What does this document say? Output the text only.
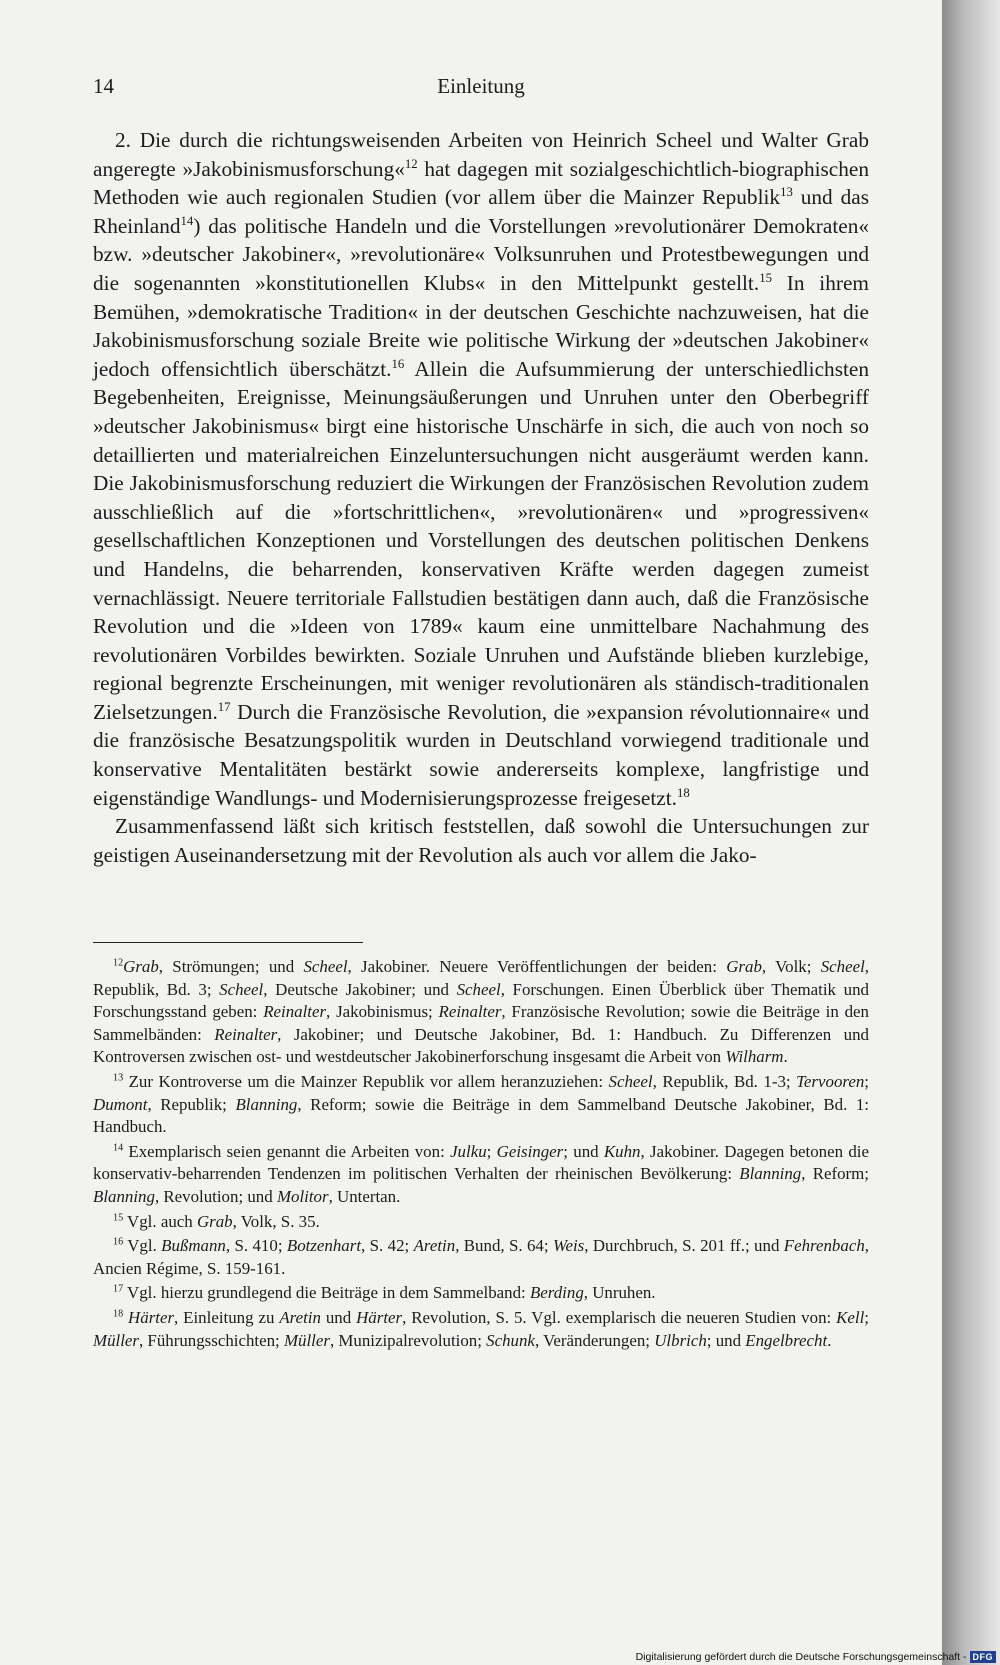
Einleitung
14

2. Die durch die richtungsweisenden Arbeiten von Heinrich Scheel und Walter Grab angeregte »Jakobinismusforschung«$^{12}$ hat dagegen mit sozialgeschichtlich-biographischen Methoden wie auch regionalen Studien (vor allem über die Mainzer Republik$^{13}$ und das Rheinland$^{14}$) das politische Handeln und die Vorstellungen »revolutionärer Demokraten« bzw. »deutscher Jakobiner«, »revolutionäre« Volksunruhen und Protestbewegungen und die sogenannten »konstitutionellen Klubs« in den Mittelpunkt gestellt.$^{15}$ In ihrem Bemühen, »demokratische Tradition« in der deutschen Geschichte nachzuweisen, hat die Jakobinismusforschung soziale Breite wie politische Wirkung der »deutschen Jakobiner« jedoch offensichtlich überschätzt.$^{16}$ Allein die Aufsummierung der unterschiedlichsten Begebenheiten, Ereignisse, Meinungsäußerungen und Unruhen unter den Oberbegriff »deutscher Jakobinismus« birgt eine historische Unschärfe in sich, die auch von noch so detaillierten und materialreichen Einzeluntersuchungen nicht ausgeräumt werden kann. Die Jakobinismusforschung reduziert die Wirkungen der Französischen Revolution zudem ausschließlich auf die »fortschrittlichen«, »revolutionären« und »progressiven« gesellschaftlichen Konzeptionen und Vorstellungen des deutschen politischen Denkens und Handelns, die beharrenden, konservativen Kräfte werden dagegen zumeist vernachlässigt. Neuere territoriale Fallstudien bestätigen dann auch, daß die Französische Revolution und die »Ideen von 1789« kaum eine unmittelbare Nachahmung des revolutionären Vorbildes bewirkten. Soziale Unruhen und Aufstände blieben kurzlebige, regional begrenzte Erscheinungen, mit weniger revolutionären als ständisch-traditionalen Zielsetzungen.$^{17}$ Durch die Französische Revolution, die »expansion révolutionnaire« und die französische Besatzungspolitik wurden in Deutschland vorwiegend traditionale und konservative Mentalitäten bestärkt sowie andererseits komplexe, langfristige und eigenständige Wandlungs- und Modernisierungsprozesse freigesetzt.$^{18}$

Zusammenfassend läßt sich kritisch feststellen, daß sowohl die Untersuchungen zur geistigen Auseinandersetzung mit der Revolution als auch vor allem die Jako-

$^{12}$Grab, Strömungen; und Scheel, Jakobiner. Neuere Veröffentlichungen der beiden: Grab, Volk; Scheel, Republik, Bd. 3; Scheel, Deutsche Jakobiner; und Scheel, Forschungen. Einen Überblick über Thematik und Forschungsstand geben: Reinalter, Jakobinismus; Reinalter, Französische Revolution; sowie die Beiträge in den Sammelbänden: Reinalter, Jakobiner; und Deutsche Jakobiner, Bd. 1: Handbuch. Zu Differenzen und Kontroversen zwischen ost- und westdeutscher Jakobinerforschung insgesamt die Arbeit von Wilharm.

$^{13}$ Zur Kontroverse um die Mainzer Republik vor allem heranzuziehen: Scheel, Republik, Bd. 1-3; Tervooren; Dumont, Republik; Blanning, Reform; sowie die Beiträge in dem Sammelband Deutsche Jakobiner, Bd. 1: Handbuch.

$^{14}$ Exemplarisch seien genannt die Arbeiten von: Julku; Geisinger; und Kuhn, Jakobiner. Dagegen betonen die konservativ-beharrenden Tendenzen im politischen Verhalten der rheinischen Bevölkerung: Blanning, Reform; Blanning, Revolution; und Molitor, Untertan.

$^{15}$ Vgl. auch Grab, Volk, S. 35.

$^{16}$ Vgl. Bußmann, S. 410; Botzenhart, S. 42; Aretin, Bund, S. 64; Weis, Durchbruch, S. 201 ff.; und Fehrenbach, Ancien Régime, S. 159-161.

$^{17}$ Vgl. hierzu grundlegend die Beiträge in dem Sammelband: Berding, Unruhen.

$^{18}$ Härter, Einleitung zu Aretin und Härter, Revolution, S. 5. Vgl. exemplarisch die neueren Studien von: Kell; Müller, Führungsschichten; Müller, Munizipalrevolution; Schunk, Veränderungen; Ulbrich; und Engelbrecht.

Digitalisierung gefördert durch die Deutsche Forschungsgemeinschaft - DFG
